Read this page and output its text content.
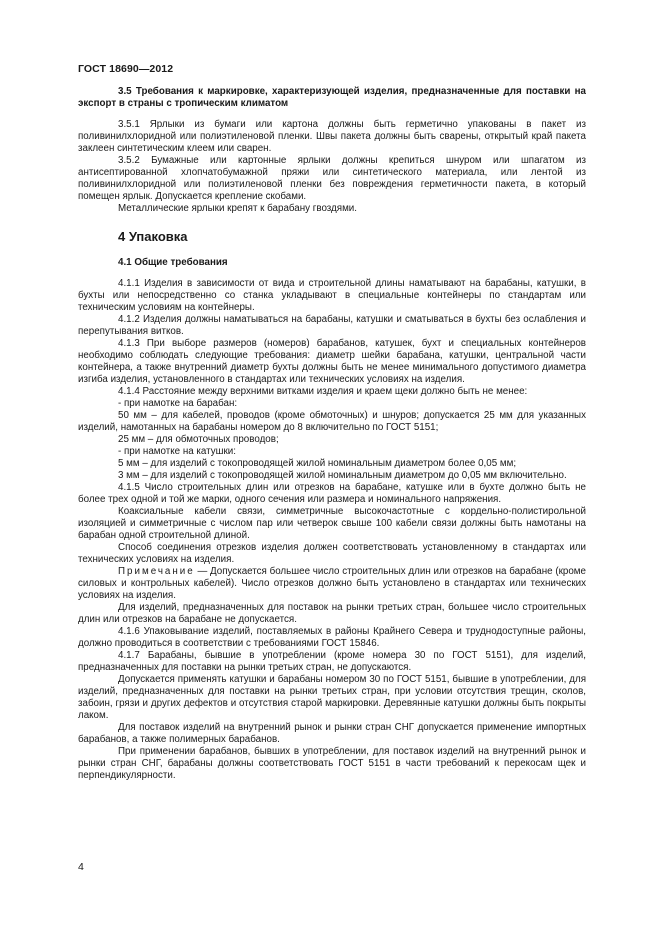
ГОСТ 18690—2012

3.5 Требования к маркировке, характеризующей изделия, предназначенные для поставки на экспорт в страны с тропическим климатом

3.5.1 Ярлыки из бумаги или картона должны быть герметично упакованы в пакет из поливинилхлоридной или полиэтиленовой пленки. Швы пакета должны быть сварены, открытый край пакета заклеен синтетическим клеем или сварен.

3.5.2 Бумажные или картонные ярлыки должны крепиться шнуром или шпагатом из антисептированной хлопчатобумажной пряжи или синтетического материала, или лентой из поливинилхлоридной или полиэтиленовой пленки без повреждения герметичности пакета, в который помещен ярлык. Допускается крепление скобами.

Металлические ярлыки крепят к барабану гвоздями.

4 Упаковка

4.1 Общие требования

4.1.1 Изделия в зависимости от вида и строительной длины наматывают на барабаны, катушки, в бухты или непосредственно со станка укладывают в специальные контейнеры по стандартам или техническим условиям на контейнеры.

4.1.2 Изделия должны наматываться на барабаны, катушки и сматываться в бухты без ослабления и перепутывания витков.

4.1.3 При выборе размеров (номеров) барабанов, катушек, бухт и специальных контейнеров необходимо соблюдать следующие требования: диаметр шейки барабана, катушки, центральной части контейнера, а также внутренний диаметр бухты должны быть не менее минимального допустимого диаметра изгиба изделия, установленного в стандартах или технических условиях на изделия.

4.1.4 Расстояние между верхними витками изделия и краем щеки должно быть не менее:

- при намотке на барабан:

50 мм – для кабелей, проводов (кроме обмоточных) и шнуров; допускается 25 мм для указанных изделий, намотанных на барабаны номером до 8 включительно по ГОСТ 5151;

25 мм – для обмоточных проводов;

- при намотке на катушки:

5 мм – для изделий с токопроводящей жилой номинальным диаметром более 0,05 мм;

3 мм – для изделий с токопроводящей жилой номинальным диаметром до 0,05 мм включительно.

4.1.5 Число строительных длин или отрезков на барабане, катушке или в бухте должно быть не более трех одной и той же марки, одного сечения или размера и номинального напряжения.

Коаксиальные кабели связи, симметричные высокочастотные с кордельно-полистирольной изоляцией и симметричные с числом пар или четверок свыше 100 кабели связи должны быть намотаны на барабан одной строительной длиной.

Способ соединения отрезков изделия должен соответствовать установленному в стандартах или технических условиях на изделия.

Примечание — Допускается большее число строительных длин или отрезков на барабане (кроме силовых и контрольных кабелей). Число отрезков должно быть установлено в стандартах или технических условиях на изделия.

Для изделий, предназначенных для поставок на рынки третьих стран, большее число строительных длин или отрезков на барабане не допускается.

4.1.6 Упаковывание изделий, поставляемых в районы Крайнего Севера и труднодоступные районы, должно проводиться в соответствии с требованиями ГОСТ 15846.

4.1.7 Барабаны, бывшие в употреблении (кроме номера 30 по ГОСТ 5151), для изделий, предназначенных для поставки на рынки третьих стран, не допускаются.

Допускается применять катушки и барабаны номером 30 по ГОСТ 5151, бывшие в употреблении, для изделий, предназначенных для поставки на рынки третьих стран, при условии отсутствия трещин, сколов, забоин, грязи и других дефектов и отсутствия старой маркировки. Деревянные катушки должны быть покрыты лаком.

Для поставок изделий на внутренний рынок и рынки стран СНГ допускается применение импортных барабанов, а также полимерных барабанов.

При применении барабанов, бывших в употреблении, для поставок изделий на внутренний рынок и рынки стран СНГ, барабаны должны соответствовать ГОСТ 5151 в части требований к перекосам щек и перпендикулярности.

4
